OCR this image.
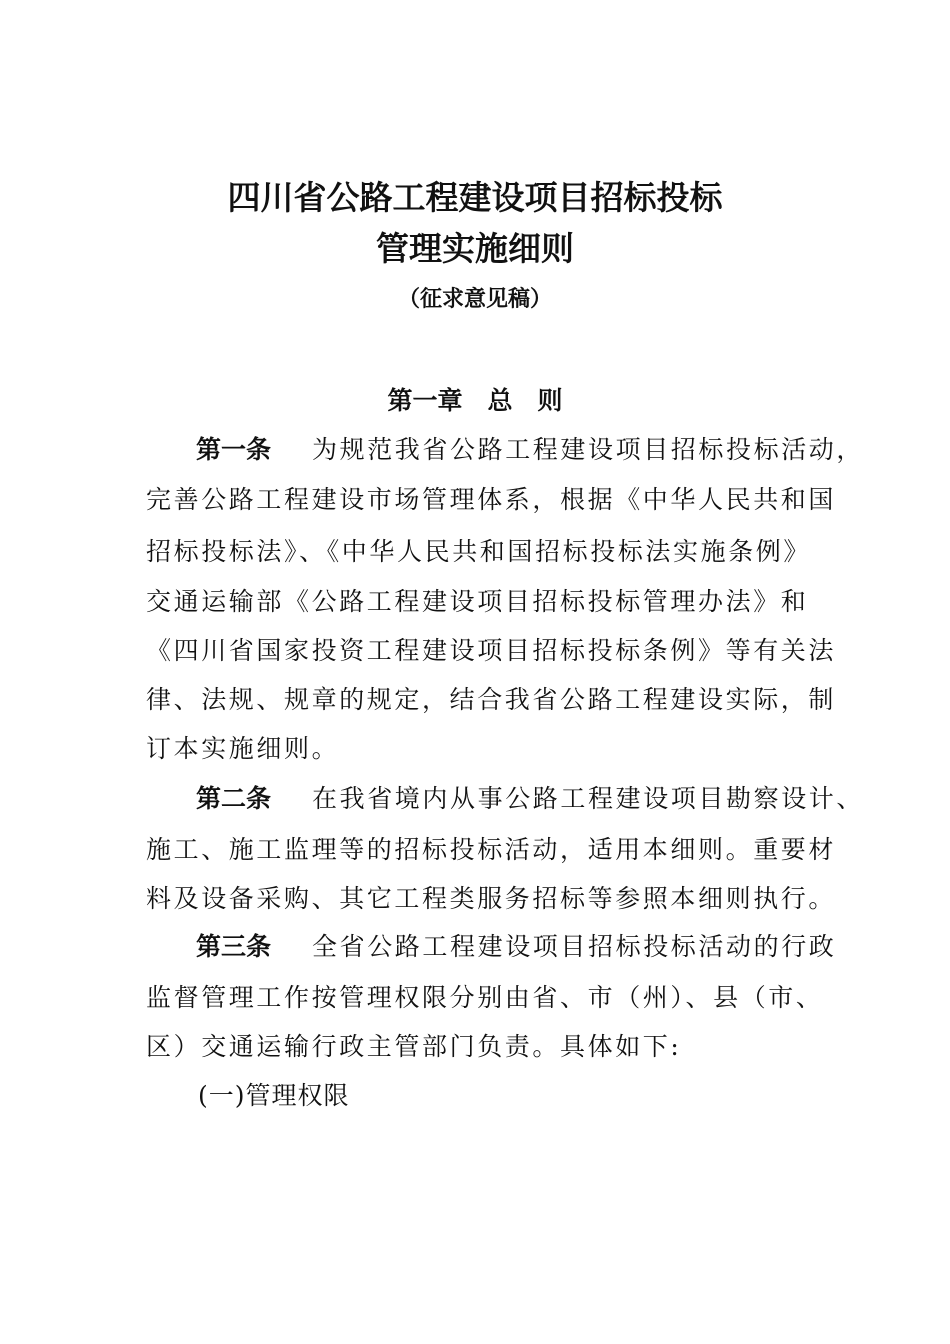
四川省公路工程建设项目招标投标
管理实施细则
（征求意见稿）
第一章 总　则
第一条 为规范我省公路工程建设项目招标投标活动，
完善公路工程建设市场管理体系，根据《中华人民共和国
招标投标法》、《中华人民共和国招标投标法实施条例》
交通运输部《公路工程建设项目招标投标管理办法》和
《四川省国家投资工程建设项目招标投标条例》等有关法
律、法规、规章的规定，结合我省公路工程建设实际，制
订本实施细则。
第二条 在我省境内从事公路工程建设项目勘察设计、
施工、施工监理等的招标投标活动，适用本细则。重要材
料及设备采购、其它工程类服务招标等参照本细则执行。
第三条 全省公路工程建设项目招标投标活动的行政
监督管理工作按管理权限分别由省、市（州）、县（市、
区）交通运输行政主管部门负责。具体如下:
(一)管理权限
